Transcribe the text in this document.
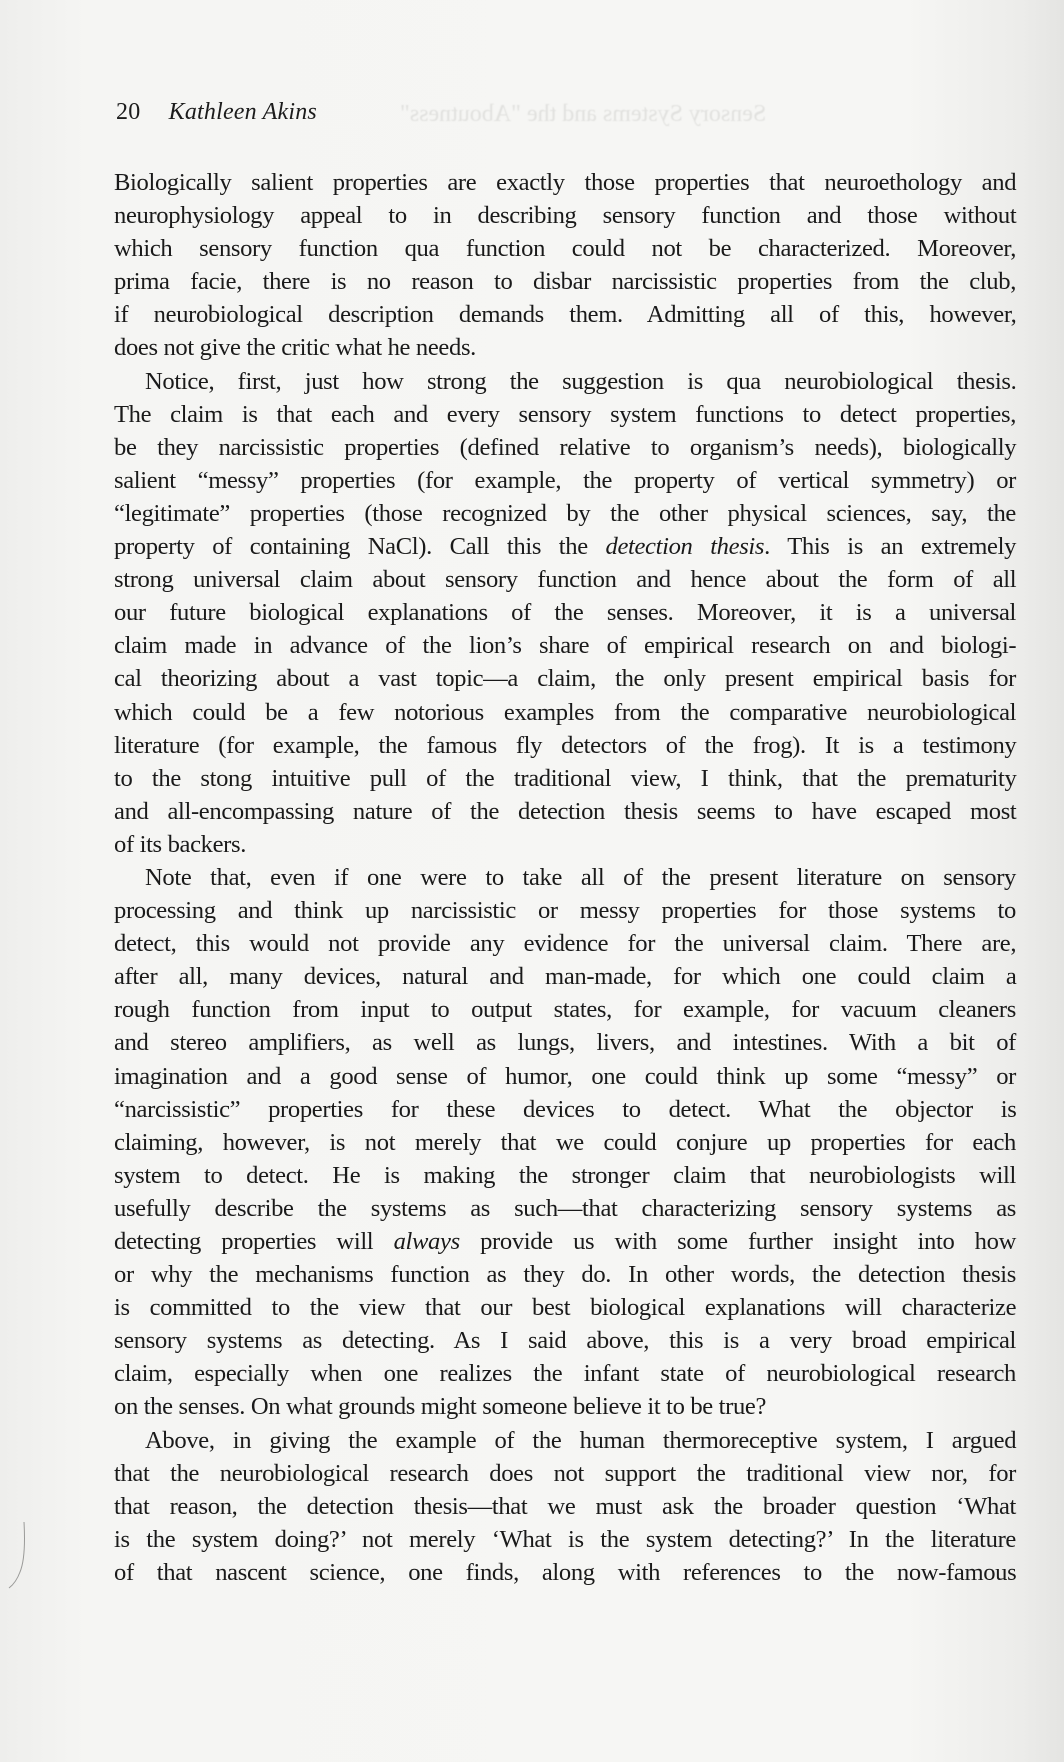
Sensory Systems and the "Aboutness"
20 Kathleen Akins
Biologically salient properties are exactly those properties that neuroethology and
neurophysiology appeal to in describing sensory function and those without
which sensory function qua function could not be characterized. Moreover,
prima facie, there is no reason to disbar narcissistic properties from the club,
if neurobiological description demands them. Admitting all of this, however,
does not give the critic what he needs.
Notice, first, just how strong the suggestion is qua neurobiological thesis.
The claim is that each and every sensory system functions to detect properties,
be they narcissistic properties (defined relative to organism’s needs), biologically
salient “messy” properties (for example, the property of vertical symmetry) or
“legitimate” properties (those recognized by the other physical sciences, say, the
property of containing NaCl). Call this the detection thesis. This is an extremely
strong universal claim about sensory function and hence about the form of all
our future biological explanations of the senses. Moreover, it is a universal
claim made in advance of the lion’s share of empirical research on and biologi-
cal theorizing about a vast topic—a claim, the only present empirical basis for
which could be a few notorious examples from the comparative neurobiological
literature (for example, the famous fly detectors of the frog). It is a testimony
to the stong intuitive pull of the traditional view, I think, that the prematurity
and all-encompassing nature of the detection thesis seems to have escaped most
of its backers.
Note that, even if one were to take all of the present literature on sensory
processing and think up narcissistic or messy properties for those systems to
detect, this would not provide any evidence for the universal claim. There are,
after all, many devices, natural and man-made, for which one could claim a
rough function from input to output states, for example, for vacuum cleaners
and stereo amplifiers, as well as lungs, livers, and intestines. With a bit of
imagination and a good sense of humor, one could think up some “messy” or
“narcissistic” properties for these devices to detect. What the objector is
claiming, however, is not merely that we could conjure up properties for each
system to detect. He is making the stronger claim that neurobiologists will
usefully describe the systems as such—that characterizing sensory systems as
detecting properties will always provide us with some further insight into how
or why the mechanisms function as they do. In other words, the detection thesis
is committed to the view that our best biological explanations will characterize
sensory systems as detecting. As I said above, this is a very broad empirical
claim, especially when one realizes the infant state of neurobiological research
on the senses. On what grounds might someone believe it to be true?
Above, in giving the example of the human thermoreceptive system, I argued
that the neurobiological research does not support the traditional view nor, for
that reason, the detection thesis—that we must ask the broader question ‘What
is the system doing?’ not merely ‘What is the system detecting?’ In the literature
of that nascent science, one finds, along with references to the now-famous
